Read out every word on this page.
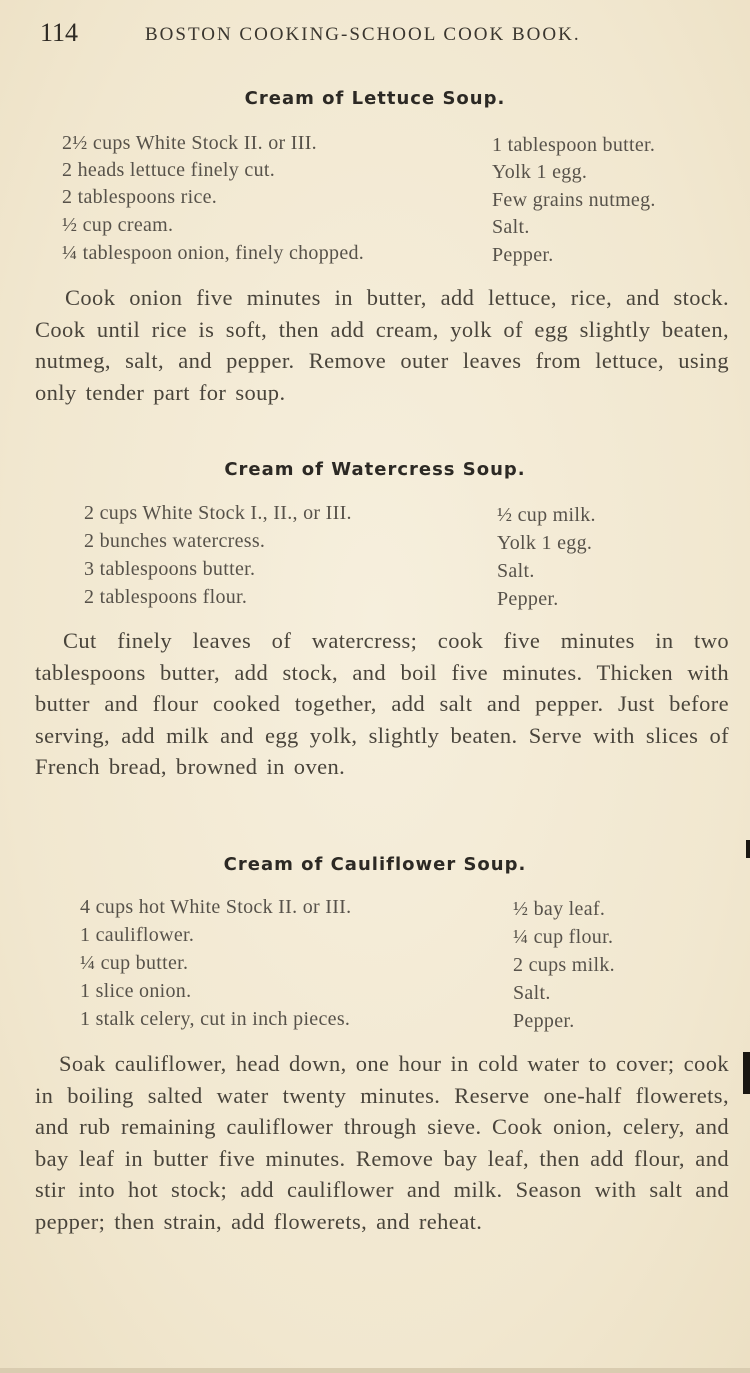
114	BOSTON COOKING-SCHOOL COOK BOOK.
Cream of Lettuce Soup.
2½ cups White Stock II. or III.
2 heads lettuce finely cut.
2 tablespoons rice.
½ cup cream.
¼ tablespoon onion, finely chopped.
1 tablespoon butter.
Yolk 1 egg.
Few grains nutmeg.
Salt.
Pepper.

Cook onion five minutes in butter, add lettuce, rice, and stock. Cook until rice is soft, then add cream, yolk of egg slightly beaten, nutmeg, salt, and pepper. Remove outer leaves from lettuce, using only tender part for soup.

Cream of Watercress Soup.
2 cups White Stock I., II., or III.
2 bunches watercress.
3 tablespoons butter.
2 tablespoons flour.
½ cup milk.
Yolk 1 egg.
Salt.
Pepper.

Cut finely leaves of watercress; cook five minutes in two tablespoons butter, add stock, and boil five minutes. Thicken with butter and flour cooked together, add salt and pepper. Just before serving, add milk and egg yolk, slightly beaten. Serve with slices of French bread, browned in oven.

Cream of Cauliflower Soup.
4 cups hot White Stock II. or III.
1 cauliflower.
¼ cup butter.
1 slice onion.
1 stalk celery, cut in inch pieces.
½ bay leaf.
¼ cup flour.
2 cups milk.
Salt.
Pepper.

Soak cauliflower, head down, one hour in cold water to cover; cook in boiling salted water twenty minutes. Reserve one-half flowerets, and rub remaining cauliflower through sieve. Cook onion, celery, and bay leaf in butter five minutes. Remove bay leaf, then add flour, and stir into hot stock; add cauliflower and milk. Season with salt and pepper; then strain, add flowerets, and reheat.
